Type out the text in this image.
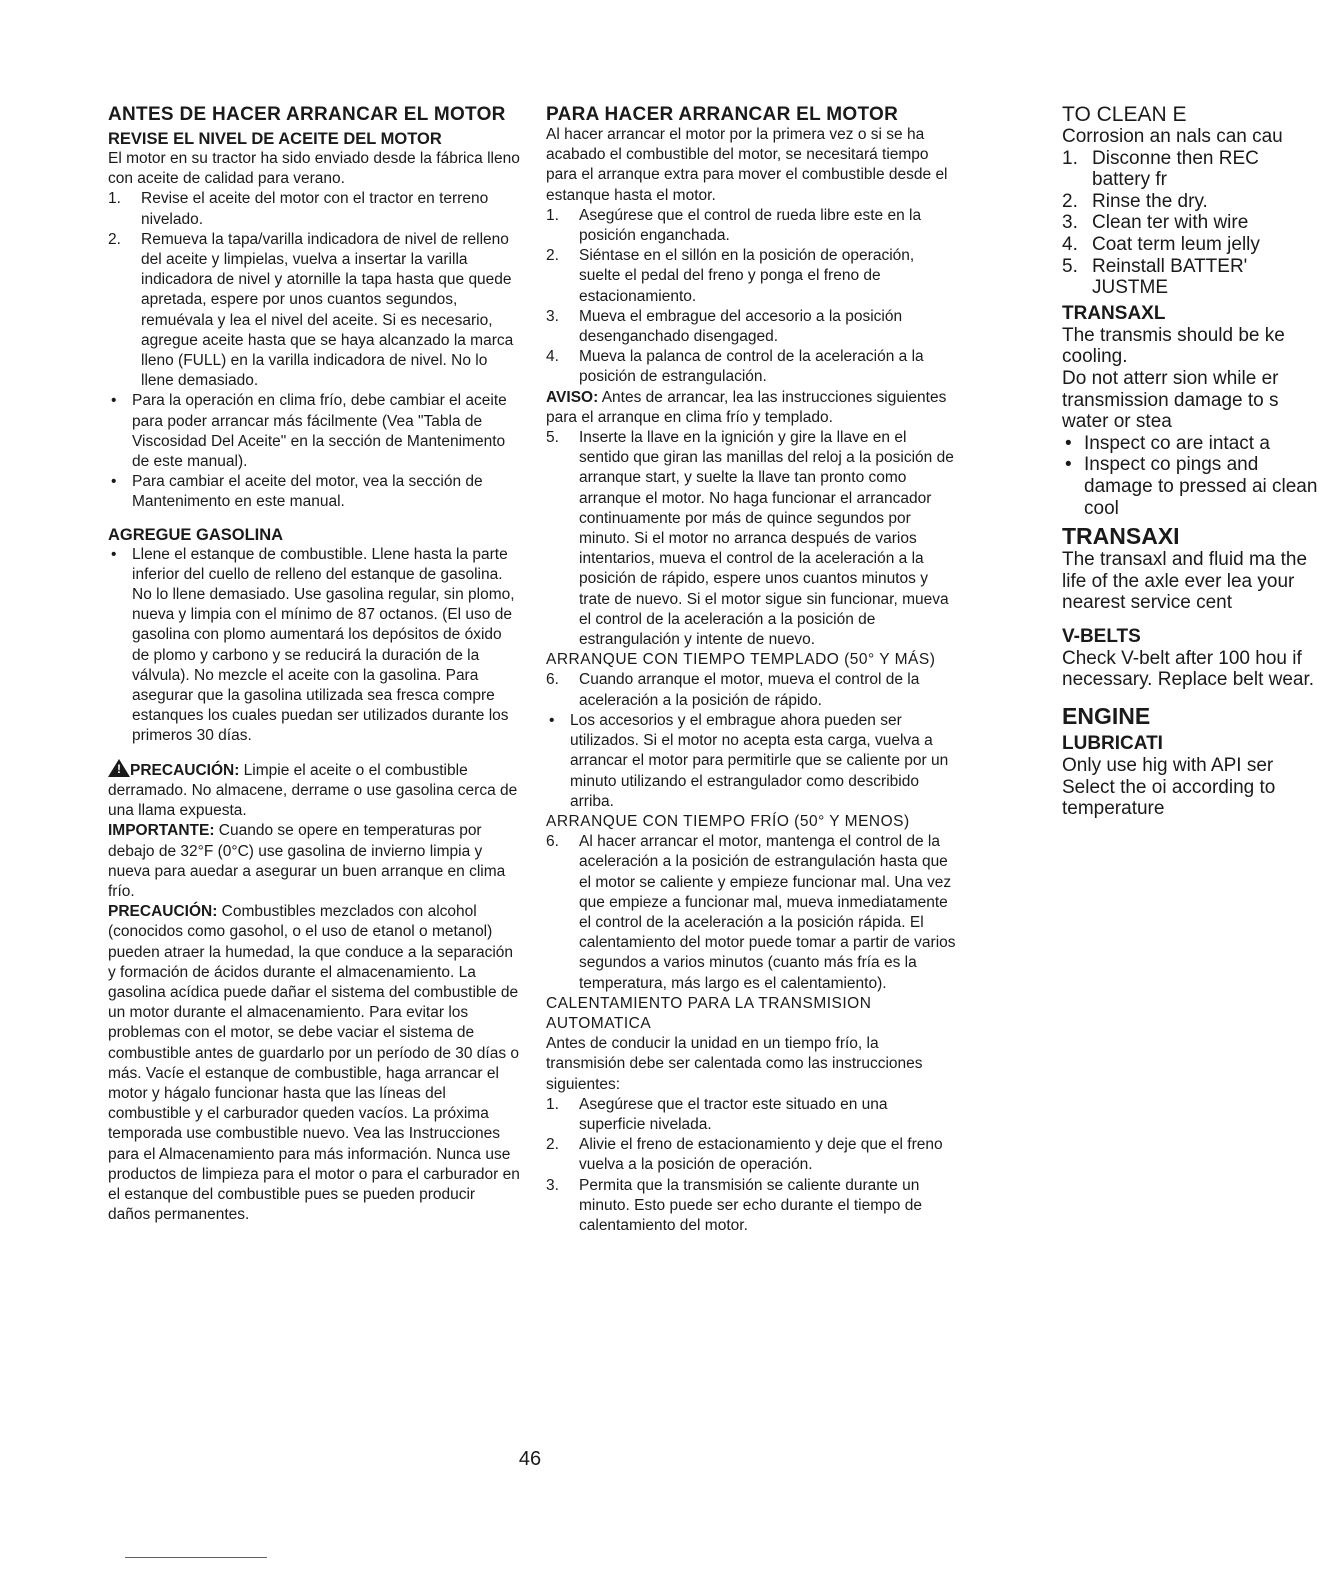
ANTES DE HACER ARRANCAR EL MOTOR
REVISE EL NIVEL DE ACEITE DEL MOTOR

El motor en su tractor ha sido enviado desde la fábrica lleno con aceite de calidad para verano.

1. Revise el aceite del motor con el tractor en terreno nivelado.
2. Remueva la tapa/varilla indicadora de nivel de relleno del aceite y limpielas, vuelva a insertar la varilla indicadora de nivel y atornille la tapa hasta que quede apretada, espere por unos cuantos segundos, remuévala y lea el nivel del aceite. Si es necesario, agregue aceite hasta que se haya alcanzado la marca lleno (FULL) en la varilla indicadora de nivel. No lo llene demasiado.
• Para la operación en clima frío, debe cambiar el aceite para poder arrancar más fácilmente (Vea "Tabla de Viscosidad Del Aceite" en la sección de Mantenimento de este manual).
• Para cambiar el aceite del motor, vea la sección de Mantenimento en este manual.
AGREGUE GASOLINA
• Llene el estanque de combustible. Llene hasta la parte inferior del cuello de relleno del estanque de gasolina. No lo llene demasiado. Use gasolina regular, sin plomo, nueva y limpia con el mínimo de 87 octanos. (El uso de gasolina con plomo aumentará los depósitos de óxido de plomo y carbono y se reducirá la duración de la válvula). No mezcle el aceite con la gasolina. Para asegurar que la gasolina utilizada sea fresca compre estanques los cuales puedan ser utilizados durante los primeros 30 días.

! PRECAUCIÓN: Limpie el aceite o el combustible derramado. No almacene, derrame o use gasolina cerca de una llama expuesta.

IMPORTANTE: Cuando se opere en temperaturas por debajo de 32°F (0°C) use gasolina de invierno limpia y nueva para auedar a asegurar un buen arranque en clima frío.

PRECAUCIÓN: Combustibles mezclados con alcohol (conocidos como gasohol, o el uso de etanol o metanol) pueden atraer la humedad, la que conduce a la separación y formación de ácidos durante el almacenamiento. La gasolina acídica puede dañar el sistema del combustible de un motor durante el almacenamiento. Para evitar los problemas con el motor, se debe vaciar el sistema de combustible antes de guardarlo por un período de 30 días o más. Vacíe el estanque de combustible, haga arrancar el motor y hágalo funcionar hasta que las líneas del combustible y el carburador queden vacíos. La próxima temporada use combustible nuevo. Vea las Instrucciones para el Almacenamiento para más información. Nunca use productos de limpieza para el motor o para el carburador en el estanque del combustible pues se pueden producir daños permanentes.

PARA HACER ARRANCAR EL MOTOR

Al hacer arrancar el motor por la primera vez o si se ha acabado el combustible del motor, se necesitará tiempo para el arranque extra para mover el combustible desde el estanque hasta el motor.

1. Asegúrese que el control de rueda libre este en la posición enganchada.
2. Siéntase en el sillón en la posición de operación, suelte el pedal del freno y ponga el freno de estacionamiento.
3. Mueva el embrague del accesorio a la posición desenganchado disengaged.
4. Mueva la palanca de control de la aceleración a la posición de estrangulación.

AVISO: Antes de arrancar, lea las instrucciones siguientes para el arranque en clima frío y templado.

5. Inserte la llave en la ignición y gire la llave en el sentido que giran las manillas del reloj a la posición de arranque start, y suelte la llave tan pronto como arranque el motor. No haga funcionar el arrancador continuamente por más de quince segundos por minuto. Si el motor no arranca después de varios intentarios, mueva el control de la aceleración a la posición de rápido, espere unos cuantos minutos y trate de nuevo. Si el motor sigue sin funcionar, mueva el control de la aceleración a la posición de estrangulación y intente de nuevo.

ARRANQUE CON TIEMPO TEMPLADO (50° Y MÁS)

6. Cuando arranque el motor, mueva el control de la aceleración a la posición de rápido.
• Los accesorios y el embrague ahora pueden ser utilizados. Si el motor no acepta esta carga, vuelva a arrancar el motor para permitirle que se caliente por un minuto utilizando el estrangulador como describido arriba.

ARRANQUE CON TIEMPO FRÍO (50° Y MENOS)

6. Al hacer arrancar el motor, mantenga el control de la aceleración a la posición de estrangulación hasta que el motor se caliente y empieze funcionar mal. Una vez que empieze a funcionar mal, mueva inmediatamente el control de la aceleración a la posición rápida. El calentamiento del motor puede tomar a partir de varios segundos a varios minutos (cuanto más fría es la temperatura, más largo es el calentamiento).

CALENTAMIENTO PARA LA TRANSMISION AUTOMATICA

Antes de conducir la unidad en un tiempo frío, la transmisión debe ser calentada como las instrucciones siguientes:

1. Asegúrese que el tractor este situado en una superficie nivelada.
2. Alivie el freno de estacionamiento y deje que el freno vuelva a la posición de operación.
3. Permita que la transmisión se caliente durante un minuto. Esto puede ser echo durante el tiempo de calentamiento del motor.

TO CLEAN E

Corrosion an nals can cau

1. Disconne then REC battery fr
2. Rinse the dry.
3. Clean ter with wire
4. Coat term leum jelly
5. Reinstall BATTER' JUSTME
TRANSAXL

The transmis should be ke cooling.

Do not atterr sion while er transmission damage to s water or stea

• Inspect co are intact a
• Inspect co pings and damage to pressed ai clean cool
TRANSAXI

The transaxl and fluid ma the life of the axle ever lea your nearest service cent

V-BELTS

Check V-belt after 100 hou if necessary. Replace belt wear.

ENGINE
LUBRICATI

Only use hig with API ser Select the oi according to temperature

46
